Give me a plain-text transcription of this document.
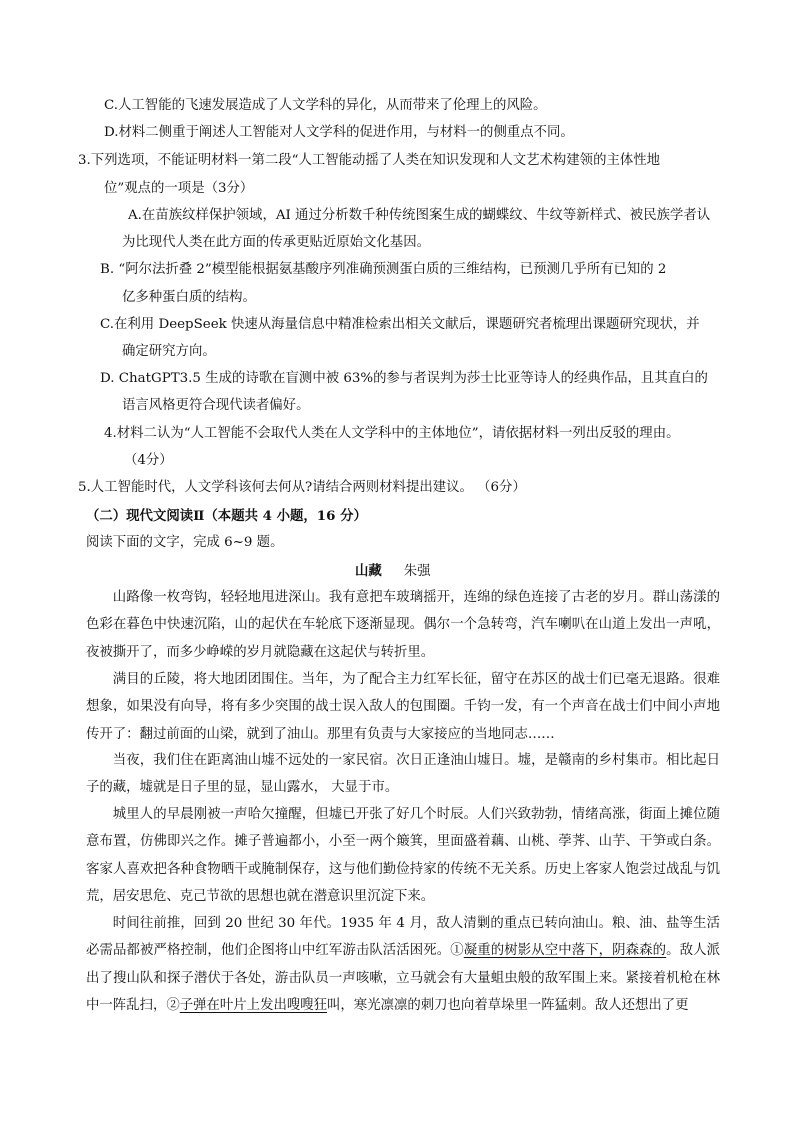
C.人工智能的飞速发展造成了人文学科的异化，从而带来了伦理上的风险。
D.材料二侧重于阐述人工智能对人文学科的促进作用，与材料一的侧重点不同。
3.下列选项，不能证明材料一第二段“人工智能动摇了人类在知识发现和人文艺术构建领的主体性地
位”观点的一项是（3分）
A.在苗族纹样保护领域，AI 通过分析数千种传统图案生成的蝴蝶纹、牛纹等新样式、被民族学者认
为比现代人类在此方面的传承更贴近原始文化基因。
B. “阿尔法折叠 2”模型能根据氨基酸序列准确预测蛋白质的三维结构，已预测几乎所有已知的 2
亿多种蛋白质的结构。
C.在利用 DeepSeek 快速从海量信息中精准检索出相关文献后，课题研究者梳理出课题研究现状，并
确定研究方向。
D. ChatGPT3.5 生成的诗歌在盲测中被 63%的参与者误判为莎士比亚等诗人的经典作品，且其直白的
语言风格更符合现代读者偏好。
4.材料二认为“人工智能不会取代人类在人文学科中的主体地位”，请依据材料一列出反驳的理由。
（4分）
5.人工智能时代，人文学科该何去何从?请结合两则材料提出建议。 （6分）
（二）现代文阅读Ⅱ（本题共 4 小题，16 分）
阅读下面的文字，完成 6~9 题。
山藏 朱强
山路像一枚弯钩，轻轻地甩进深山。我有意把车玻璃摇开，连绵的绿色连接了古老的岁月。群山荡漾的色彩在暮色中快速沉陷，山的起伏在车轮底下逐渐显现。偶尔一个急转弯，汽车喇叭在山道上发出一声吼，夜被撕开了，而多少峥嵘的岁月就隐藏在这起伏与转折里。
满目的丘陵，将大地团团围住。当年，为了配合主力红军长征，留守在苏区的战士们已毫无退路。很难想象，如果没有向导，将有多少突围的战士误入敌人的包围圈。千钧一发，有一个声音在战士们中间小声地传开了：翻过前面的山梁，就到了油山。那里有负责与大家接应的当地同志……
当夜，我们住在距离油山墟不远处的一家民宿。次日正逢油山墟日。墟，是赣南的乡村集市。相比起日子的藏，墟就是日子里的显，显山露水， 大显于市。
城里人的早晨刚被一声哈欠撞醒，但墟已开张了好几个时辰。人们兴致勃勃，情绪高涨，街面上摊位随意布置，仿佛即兴之作。摊子普遍都小，小至一两个簸箕，里面盛着藕、山桃、荸荠、山芋、干笋或白条。客家人喜欢把各种食物晒干或腌制保存，这与他们勤俭持家的传统不无关系。历史上客家人饱尝过战乱与饥荒，居安思危、克己节欲的思想也就在潜意识里沉淀下来。
时间往前推，回到 20 世纪 30 年代。1935 年 4 月，敌人清剿的重点已转向油山。粮、油、盐等生活必需品都被严格控制，他们企图将山中红军游击队活活困死。①凝重的树影从空中落下，阴森森的。敌人派出了搜山队和探子潜伏于各处，游击队员一声咳嗽，立马就会有大量蛆虫般的敌军围上来。紧接着机枪在林中一阵乱扫，②子弹在叶片上发出嗖嗖狂叫，寒光凛凛的刺刀也向着草垛里一阵猛刺。敌人还想出了更
